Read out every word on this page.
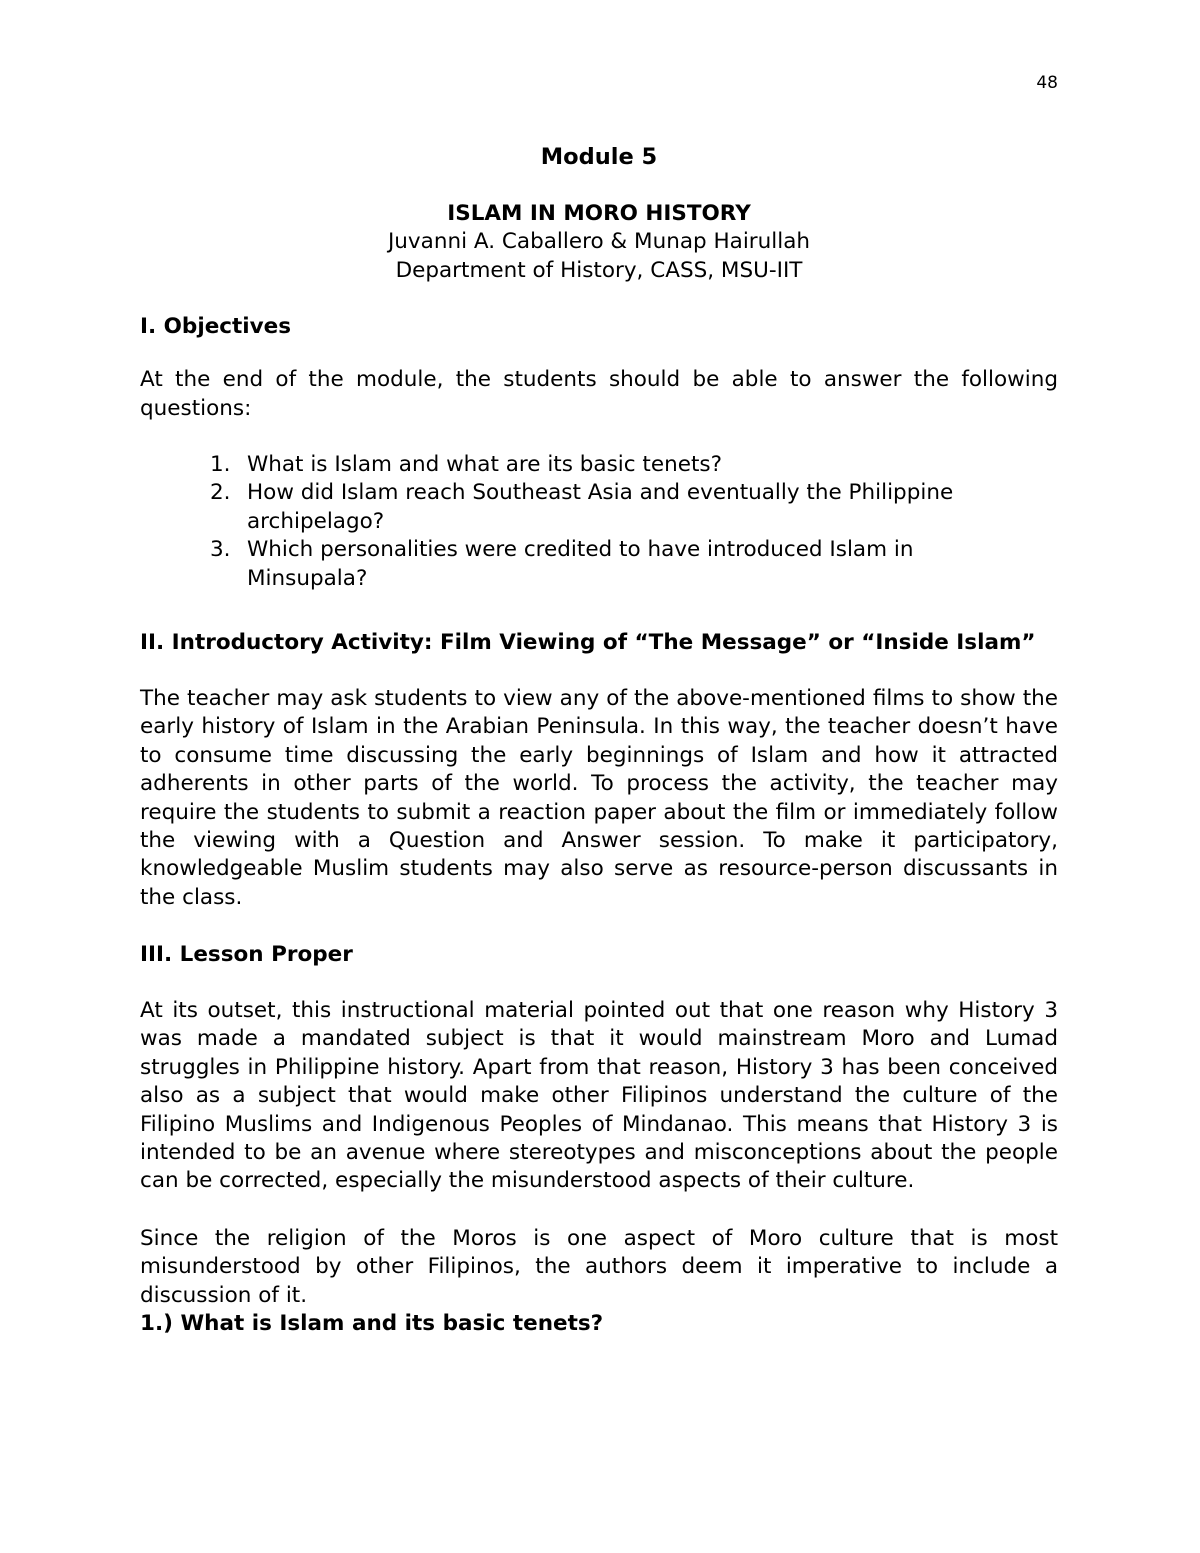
48
Module 5
ISLAM IN MORO HISTORY
Juvanni A. Caballero & Munap Hairullah
Department of History, CASS, MSU-IIT
I. Objectives
At the end of the module, the students should be able to answer the following
questions:
1. What is Islam and what are its basic tenets?
2. How did Islam reach Southeast Asia and eventually the Philippine archipelago?
3. Which personalities were credited to have introduced Islam in Minsupala?
II. Introductory Activity: Film Viewing of “The Message” or “Inside Islam”
The teacher may ask students to view any of the above-mentioned films to show the early history of Islam in the Arabian Peninsula. In this way, the teacher doesn’t have to consume time discussing the early beginnings of Islam and how it attracted adherents in other parts of the world. To process the activity, the teacher may require the students to submit a reaction paper about the film or immediately follow the viewing with a Question and Answer session. To make it participatory, knowledgeable Muslim students may also serve as resource-person discussants in the class.
III. Lesson Proper
At its outset, this instructional material pointed out that one reason why History 3 was made a mandated subject is that it would mainstream Moro and Lumad struggles in Philippine history. Apart from that reason, History 3 has been conceived also as a subject that would make other Filipinos understand the culture of the Filipino Muslims and Indigenous Peoples of Mindanao. This means that History 3 is intended to be an avenue where stereotypes and misconceptions about the people can be corrected, especially the misunderstood aspects of their culture.
Since the religion of the Moros is one aspect of Moro culture that is most misunderstood by other Filipinos, the authors deem it imperative to include a discussion of it.
1.) What is Islam and its basic tenets?
